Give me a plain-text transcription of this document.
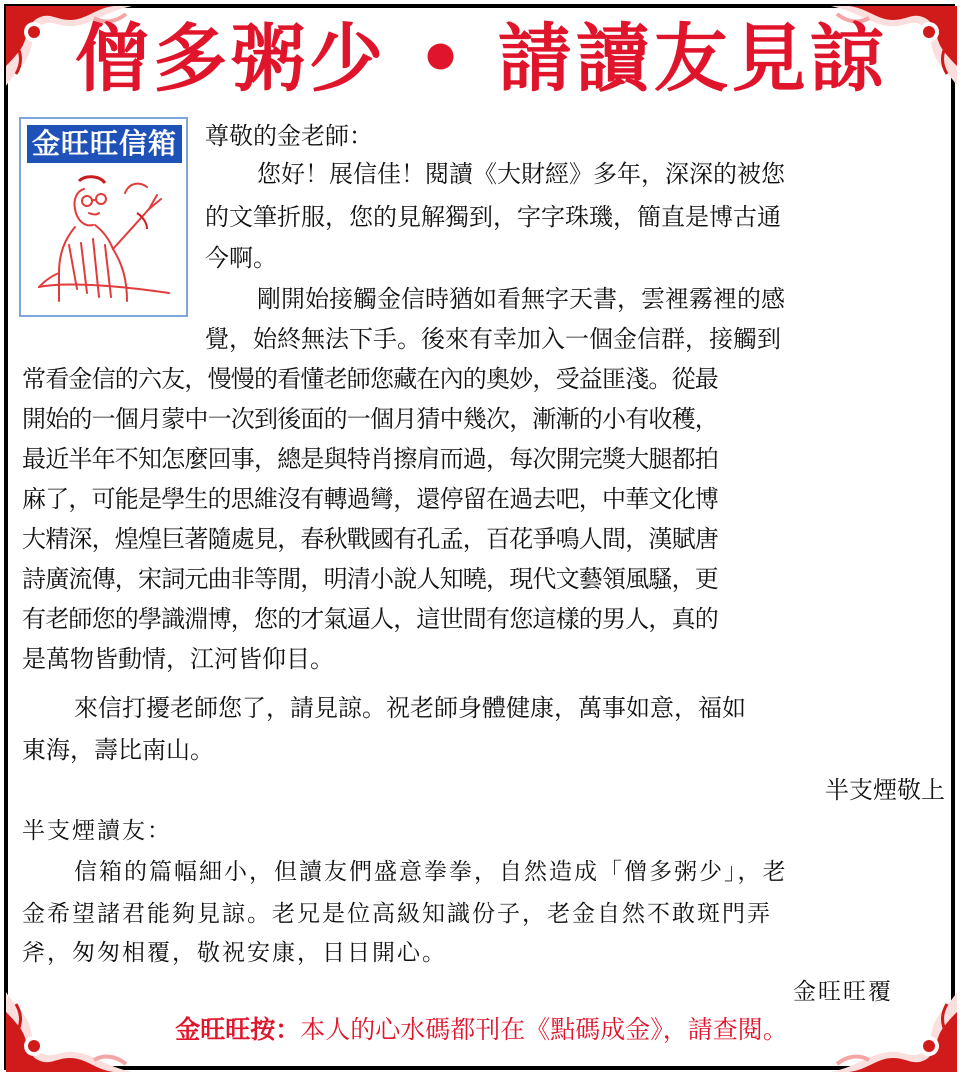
僧多粥少 • 請讀友見諒
金旺旺信箱 尊敬的金老師：
您好！展信佳！閱讀《大財經》多年，深深的被您
的文筆折服，您的見解獨到，字字珠璣，簡直是博古通
今啊。
剛開始接觸金信時猶如看無字天書，雲裡霧裡的感
覺，始終無法下手。後來有幸加入一個金信群，接觸到
常看金信的六友，慢慢的看懂老師您藏在內的奧妙，受益匪淺。從最
開始的一個月蒙中一次到後面的一個月猜中幾次，漸漸的小有收穫，
最近半年不知怎麼回事，總是與特肖擦肩而過，每次開完獎大腿都拍
麻了，可能是學生的思維沒有轉過彎，還停留在過去吧，中華文化博
大精深，煌煌巨著隨處見，春秋戰國有孔孟，百花爭鳴人間，漢賦唐
詩廣流傳，宋詞元曲非等閒，明清小說人知曉，現代文藝領風騷，更
有老師您的學識淵博，您的才氣逼人，這世間有您這樣的男人，真的
是萬物皆動情，江河皆仰目。
來信打擾老師您了，請見諒。祝老師身體健康，萬事如意，福如
東海，壽比南山。
半支煙敬上
半支煙讀友：
信箱的篇幅細小，但讀友們盛意拳拳，自然造成「僧多粥少」，老
金希望諸君能夠見諒。老兄是位高級知識份子，老金自然不敢斑門弄
斧，匆匆相覆，敬祝安康，日日開心。
金旺旺覆
金旺旺按：本人的心水碼都刊在《點碼成金》，請查閱。
